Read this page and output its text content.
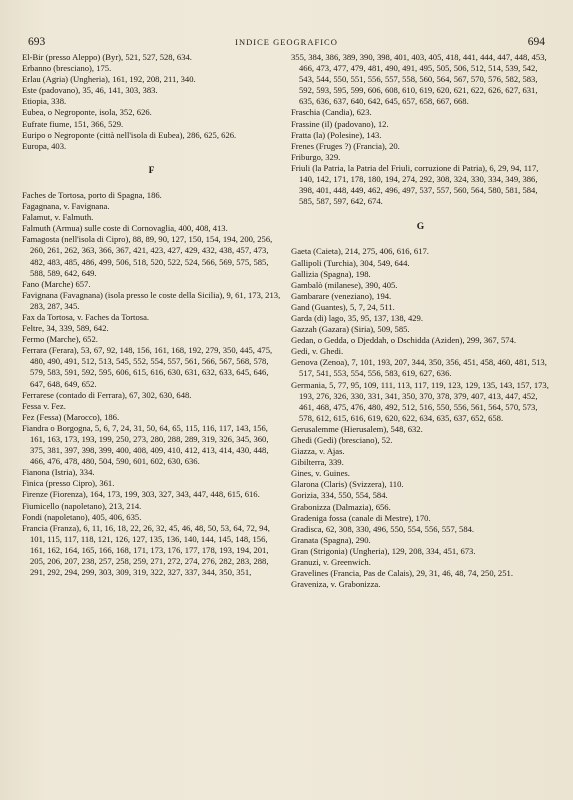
693	INDICE GEOGRAFICO	694
El-Bir (presso Aleppo) (Byr), 521, 527, 528, 634.
Erbanno (bresciano), 175.
Erlau (Agria) (Ungheria), 161, 192, 208, 211, 340.
Este (padovano), 35, 46, 141, 303, 383.
Etiopia, 338.
Eubea, o Negroponte, isola, 352, 626.
Eufrate fiume, 151, 366, 529.
Euripo o Negroponte (città nell'isola di Eubea), 286, 625, 626.
Europa, 403.
F
Faches de Tortosa, porto di Spagna, 186.
Fagagnana, v. Favignana.
Falamut, v. Falmuth.
Falmuth (Armua) sulle coste di Cornovaglia, 400, 408, 413.
Famagosta (nell'isola di Cipro), 88, 89, 90, 127, 150, 154, 194, 200, 256, 260, 261, 262, 363, 366, 367, 421, 423, 427, 429, 432, 438, 457, 473, 482, 483, 485, 486, 499, 506, 518, 520, 522, 524, 566, 569, 575, 585, 588, 589, 642, 649.
Fano (Marche) 657.
Favignana (Favagnana) (isola presso le coste della Sicilia), 9, 61, 173, 213, 283, 287, 345.
Fax da Tortosa, v. Faches da Tortosa.
Feltre, 34, 339, 589, 642.
Fermo (Marche), 652.
Ferrara (Ferara), 53, 67, 92, 148, 156, 161, 168, 192, 279, 350, 445, 475, 480, 490, 491, 512, 513, 545, 552, 554, 557, 561, 566, 567, 568, 578, 579, 583, 591, 592, 595, 606, 615, 616, 630, 631, 632, 633, 645, 646, 647, 648, 649, 652.
Ferrarese (contado di Ferrara), 67, 302, 630, 648.
Fessa v. Fez.
Fez (Fessa) (Marocco), 186.
Fiandra o Borgogna, 5, 6, 7, 24, 31, 50, 64, 65, 115, 116, 117, 143, 156, 161, 163, 173, 193, 199, 250, 273, 280, 288, 289, 319, 326, 345, 360, 375, 381, 397, 398, 399, 400, 408, 409, 410, 412, 413, 414, 430, 448, 466, 476, 478, 480, 504, 590, 601, 602, 630, 636.
Fianona (Istria), 334.
Finica (presso Cipro), 361.
Firenze (Fiorenza), 164, 173, 199, 303, 327, 343, 447, 448, 615, 616.
Fiumicello (napoletano), 213, 214.
Fondi (napoletano), 405, 406, 635.
Francia (Franza), 6, 11, 16, 18, 22, 26, 32, 45, 46, 48, 50, 53, 64, 72, 94, 101, 115, 117, 118, 121, 126, 127, 135, 136, 140, 144, 145, 148, 156, 161, 162, 164, 165, 166, 168, 171, 173, 176, 177, 178, 193, 194, 201, 205, 206, 207, 238, 257, 258, 259, 271, 272, 274, 276, 282, 283, 288, 291, 292, 294, 299, 303, 309, 319, 322, 327, 337, 344, 350, 351,
355, 384, 386, 389, 390, 398, 401, 403, 405, 418, 441, 444, 447, 448, 453, 466, 473, 477, 479, 481, 490, 491, 495, 505, 506, 512, 514, 539, 542, 543, 544, 550, 551, 556, 557, 558, 560, 564, 567, 570, 576, 582, 583, 592, 593, 595, 599, 606, 608, 610, 619, 620, 621, 622, 626, 627, 631, 635, 636, 637, 640, 642, 645, 657, 658, 667, 668.
Fraschia (Candia), 623.
Frassine (il) (padovano), 12.
Fratta (la) (Polesine), 143.
Frenes (Fruges ?) (Francia), 20.
Friburgo, 329.
Friuli (la Patria, la Patria del Friuli, corruzione di Patria), 6, 29, 94, 117, 140, 142, 171, 178, 180, 194, 274, 292, 308, 324, 330, 334, 349, 386, 398, 401, 448, 449, 462, 496, 497, 537, 557, 560, 564, 580, 581, 584, 585, 587, 597, 642, 674.
G
Gaeta (Caieta), 214, 275, 406, 616, 617.
Gallipoli (Turchia), 304, 549, 644.
Gallizia (Spagna), 198.
Gambalò (milanese), 390, 405.
Gambarare (veneziano), 194.
Gand (Guantes), 5, 7, 24, 511.
Garda (di) lago, 35, 95, 137, 138, 429.
Gazzah (Gazara) (Siria), 509, 585.
Gedan, o Gedda, o Djeddah, o Dschidda (Aziden), 299, 367, 574.
Gedi, v. Ghedi.
Genova (Zenoa), 7, 101, 193, 207, 344, 350, 356, 451, 458, 460, 481, 513, 517, 541, 553, 554, 556, 583, 619, 627, 636.
Germania, 5, 77, 95, 109, 111, 113, 117, 119, 123, 129, 135, 143, 157, 173, 193, 276, 326, 330, 331, 341, 350, 370, 378, 379, 407, 413, 447, 452, 461, 468, 475, 476, 480, 492, 512, 516, 550, 556, 561, 564, 570, 573, 578, 612, 615, 616, 619, 620, 622, 634, 635, 637, 652, 658.
Gerusalemme (Hierusalem), 548, 632.
Ghedi (Gedi) (bresciano), 52.
Giazza, v. Ajas.
Gibilterra, 339.
Gines, v. Guines.
Glarona (Claris) (Svizzera), 110.
Gorizia, 334, 550, 554, 584.
Grabonizza (Dalmazia), 656.
Gradeniga fossa (canale di Mestre), 170.
Gradisca, 62, 308, 330, 496, 550, 554, 556, 557, 584.
Granata (Spagna), 290.
Gran (Strigonia) (Ungheria), 129, 208, 334, 451, 673.
Granuzi, v. Greenwich.
Gravelines (Francia, Pas de Calais), 29, 31, 46, 48, 74, 250, 251.
Graveniza, v. Grabonizza.
